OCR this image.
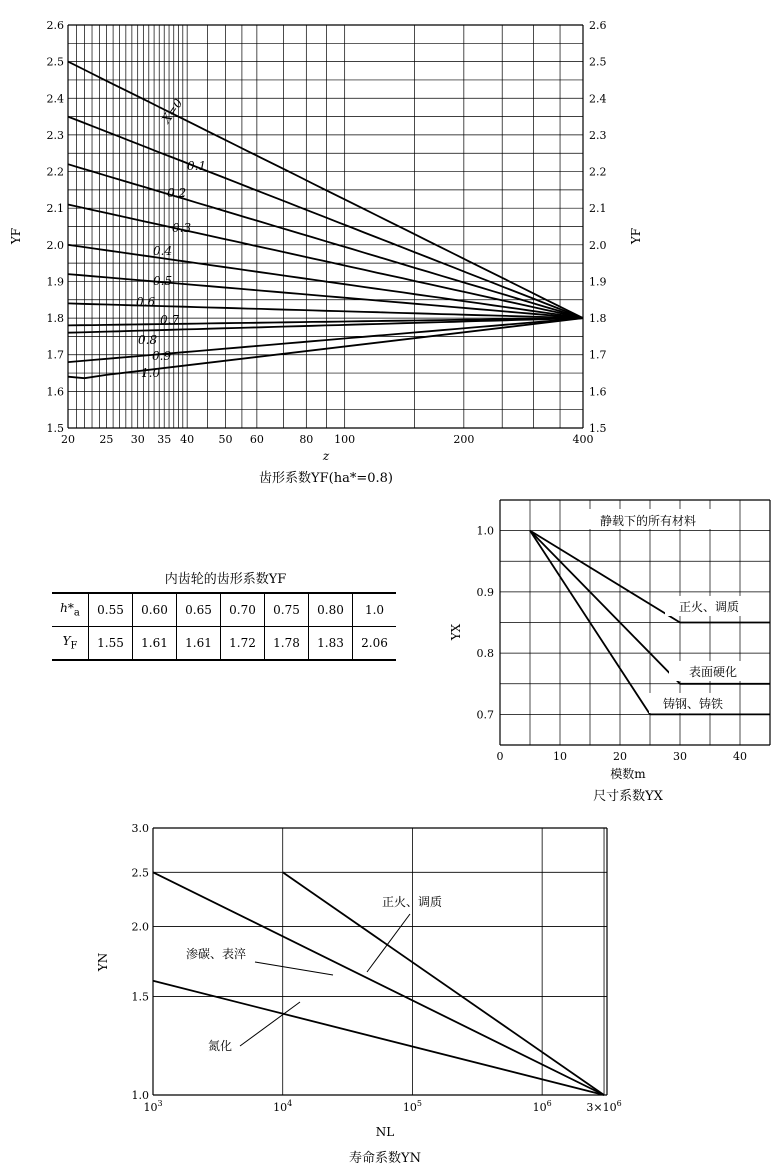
1.5	1.5
1.6	1.6
1.7	1.7
1.8	1.8
1.9	1.9
2.0	2.0
2.1	2.1
2.2	2.2
2.3	2.3
2.4	2.4
2.5	2.5
2.6	2.6
20 25 30 35 40 50 60	80 100	200	400
YF	YF
z
齿形系数YF(ha*=0.8)
X=0
0.1
0.2
0.3
0.4
0.5
0.6
0.7
0.8
0.9
1.0
0.7
0.8
0.9
1.0
0	10	20	30	40
YX
模数m
尺寸系数YX
正火、调质
表面硬化
铸钢、铸铁
静载下的所有材料
1.0
1.5
2.0
2.5
3.0
$10^3$	$10^4$	$10^5$	$10^6$	$3\times 10^6$
YN
NL
寿命系数YN
正火、调质
渗碳、表淬
氮化
内齿轮的齿形系数YF
$h*_a$	0.55	0.60	0.65	0.70	0.75	0.80	1.0
$Y_F$	1.55	1.61	1.61	1.72	1.78	1.83	2.06
